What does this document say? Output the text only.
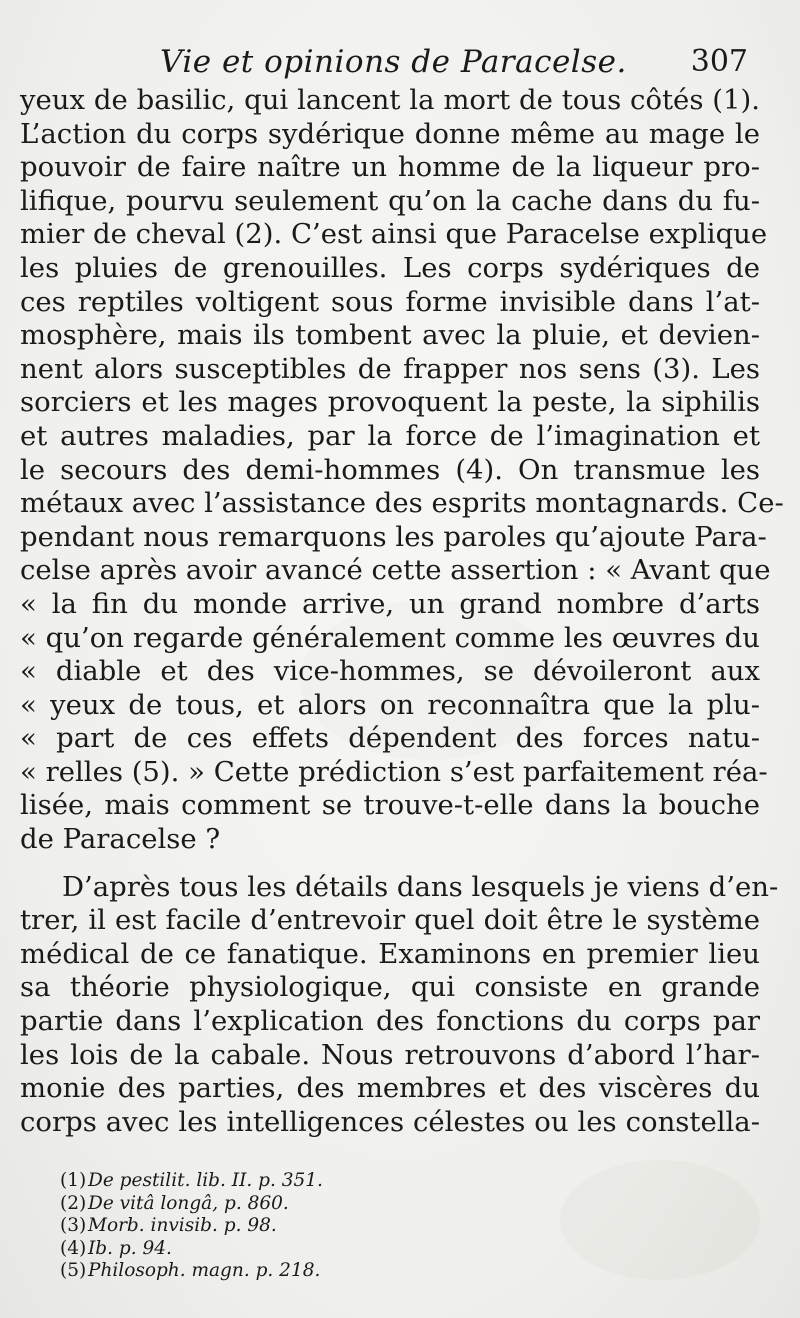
Vie et opinions de Paracelse. 307
yeux de basilic, qui lancent la mort de tous côtés (1).
L’action du corps sydérique donne même au mage le
pouvoir de faire naître un homme de la liqueur pro-
lifique, pourvu seulement qu’on la cache dans du fu-
mier de cheval (2). C’est ainsi que Paracelse explique
les pluies de grenouilles. Les corps sydériques de
ces reptiles voltigent sous forme invisible dans l’at-
mosphère, mais ils tombent avec la pluie, et devien-
nent alors susceptibles de frapper nos sens (3). Les
sorciers et les mages provoquent la peste, la siphilis
et autres maladies, par la force de l’imagination et
le secours des demi-hommes (4). On transmue les
métaux avec l’assistance des esprits montagnards. Ce-
pendant nous remarquons les paroles qu’ajoute Para-
celse après avoir avancé cette assertion : « Avant que
« la fin du monde arrive, un grand nombre d’arts
« qu’on regarde généralement comme les œuvres du
« diable et des vice-hommes, se dévoileront aux
« yeux de tous, et alors on reconnaîtra que la plu-
« part de ces effets dépendent des forces natu-
« relles (5). » Cette prédiction s’est parfaitement réa-
lisée, mais comment se trouve-t-elle dans la bouche
de Paracelse ?
D’après tous les détails dans lesquels je viens d’en-
trer, il est facile d’entrevoir quel doit être le système
médical de ce fanatique. Examinons en premier lieu
sa théorie physiologique, qui consiste en grande
partie dans l’explication des fonctions du corps par
les lois de la cabale. Nous retrouvons d’abord l’har-
monie des parties, des membres et des viscères du
corps avec les intelligences célestes ou les constella-
(1)De pestilit. lib. II. p. 351.
(2)De vitâ longâ, p. 860.
(3)Morb. invisib. p. 98.
(4)Ib. p. 94.
(5)Philosoph. magn. p. 218.
